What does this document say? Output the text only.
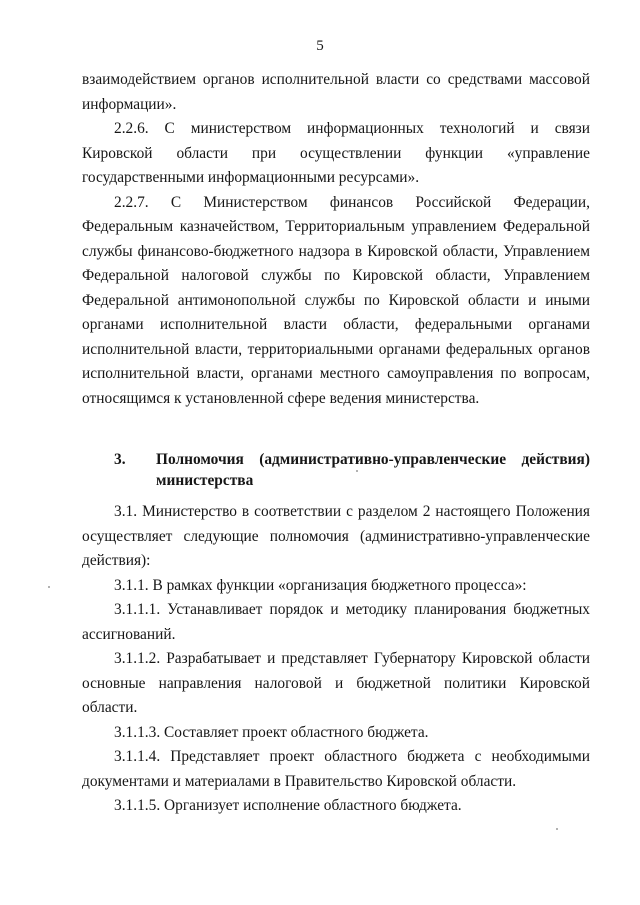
5

взаимодействием органов исполнительной власти со средствами массовой информации».

2.2.6. С министерством информационных технологий и связи Кировской области при осуществлении функции «управление государственными информационными ресурсами».

2.2.7. С Министерством финансов Российской Федерации, Федеральным казначейством, Территориальным управлением Федеральной службы финансово-бюджетного надзора в Кировской области, Управлением Федеральной налоговой службы по Кировской области, Управлением Федеральной антимонопольной службы по Кировской области и иными органами исполнительной власти области, федеральными органами исполнительной власти, территориальными органами федеральных органов исполнительной власти, органами местного самоуправления по вопросам, относящимся к установленной сфере ведения министерства.

3.	Полномочия (административно-управленческие действия) министерства

3.1. Министерство в соответствии с разделом 2 настоящего Положения осуществляет следующие полномочия (административно-управленческие действия):

3.1.1. В рамках функции «организация бюджетного процесса»:

3.1.1.1. Устанавливает порядок и методику планирования бюджетных ассигнований.

3.1.1.2. Разрабатывает и представляет Губернатору Кировской области основные направления налоговой и бюджетной политики Кировской области.

3.1.1.3. Составляет проект областного бюджета.

3.1.1.4. Представляет проект областного бюджета с необходимыми документами и материалами в Правительство Кировской области.

3.1.1.5. Организует исполнение областного бюджета.
